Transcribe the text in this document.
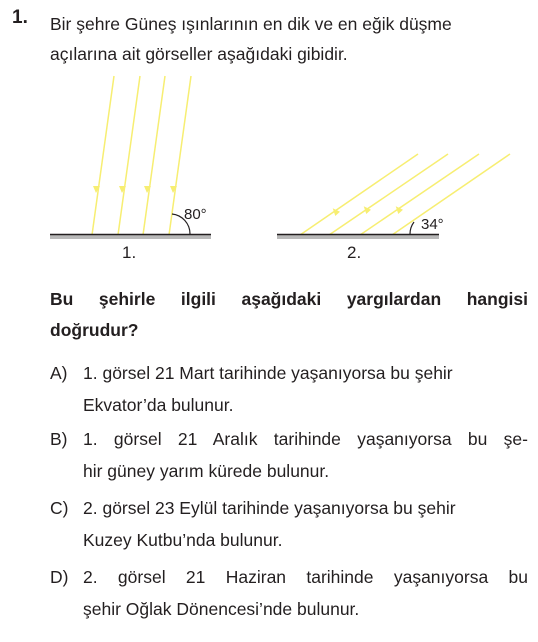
1. Bir şehre Güneş ışınlarının en dik ve en eğik düşme
açılarına ait görseller aşağıdaki gibidir.
80°
1.
34°
2.
Bu şehirle ilgili aşağıdaki yargılardan hangisi
doğrudur?
A) 1. görsel 21 Mart tarihinde yaşanıyorsa bu şehir
Ekvator’da bulunur.
B) 1. görsel 21 Aralık tarihinde yaşanıyorsa bu şe-
hir güney yarım kürede bulunur.
C) 2. görsel 23 Eylül tarihinde yaşanıyorsa bu şehir
Kuzey Kutbu’nda bulunur.
D) 2. görsel 21 Haziran tarihinde yaşanıyorsa bu
şehir Oğlak Dönencesi’nde bulunur.
